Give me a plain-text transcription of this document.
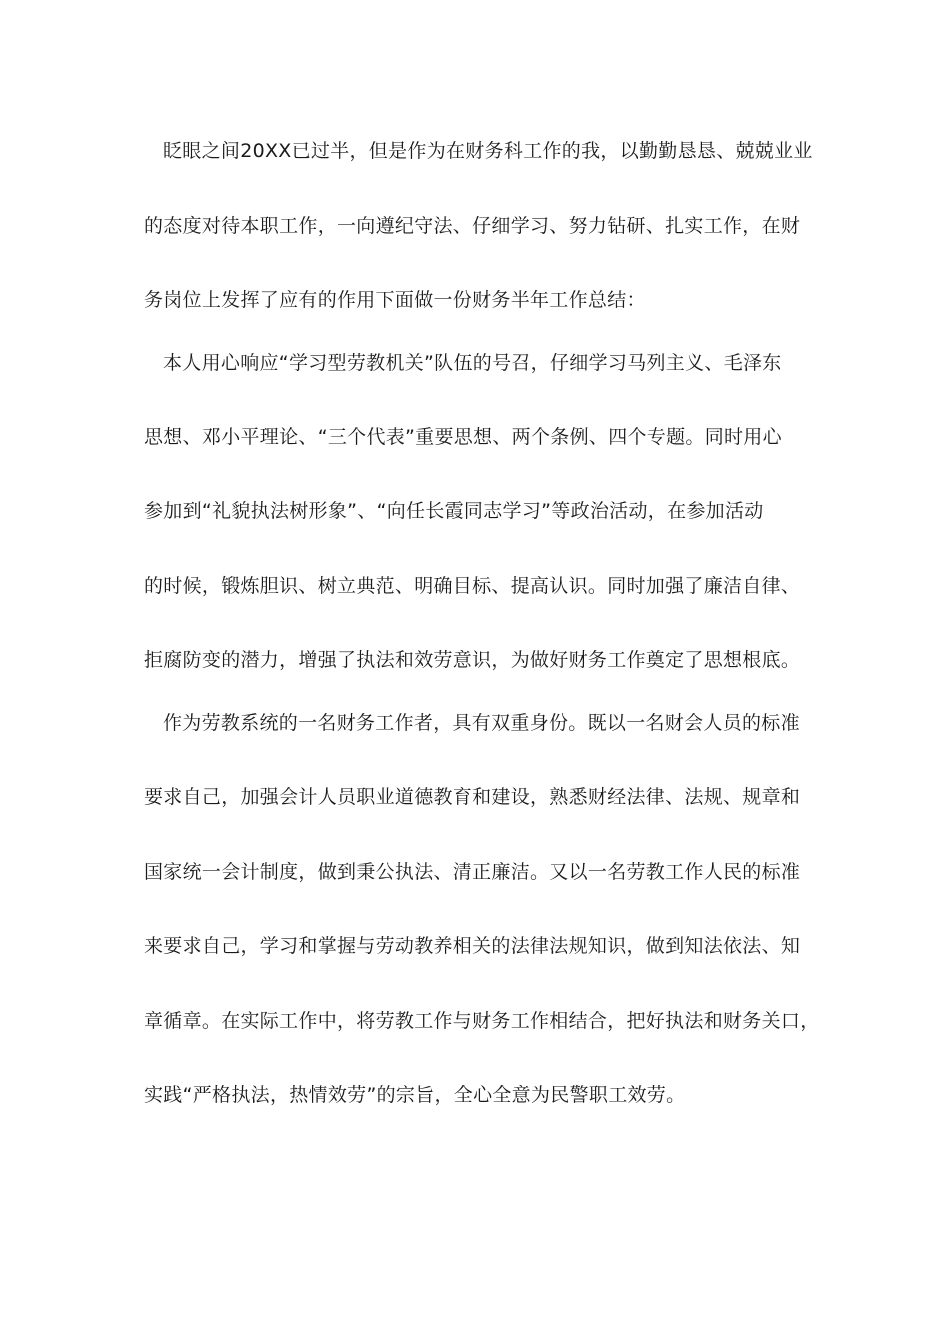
眨眼之间20XX已过半，但是作为在财务科工作的我，以勤勤恳恳、兢兢业业
的态度对待本职工作，一向遵纪守法、仔细学习、努力钻研、扎实工作，在财
务岗位上发挥了应有的作用下面做一份财务半年工作总结：
本人用心响应“学习型劳教机关”队伍的号召，仔细学习马列主义、毛泽东
思想、邓小平理论、“三个代表”重要思想、两个条例、四个专题。同时用心
参加到“礼貌执法树形象”、“向任长霞同志学习”等政治活动，在参加活动
的时候，锻炼胆识、树立典范、明确目标、提高认识。同时加强了廉洁自律、
拒腐防变的潜力，增强了执法和效劳意识，为做好财务工作奠定了思想根底。
作为劳教系统的一名财务工作者，具有双重身份。既以一名财会人员的标准
要求自己，加强会计人员职业道德教育和建设，熟悉财经法律、法规、规章和
国家统一会计制度，做到秉公执法、清正廉洁。又以一名劳教工作人民的标准
来要求自己，学习和掌握与劳动教养相关的法律法规知识，做到知法依法、知
章循章。在实际工作中，将劳教工作与财务工作相结合，把好执法和财务关口，
实践“严格执法，热情效劳”的宗旨，全心全意为民警职工效劳。
